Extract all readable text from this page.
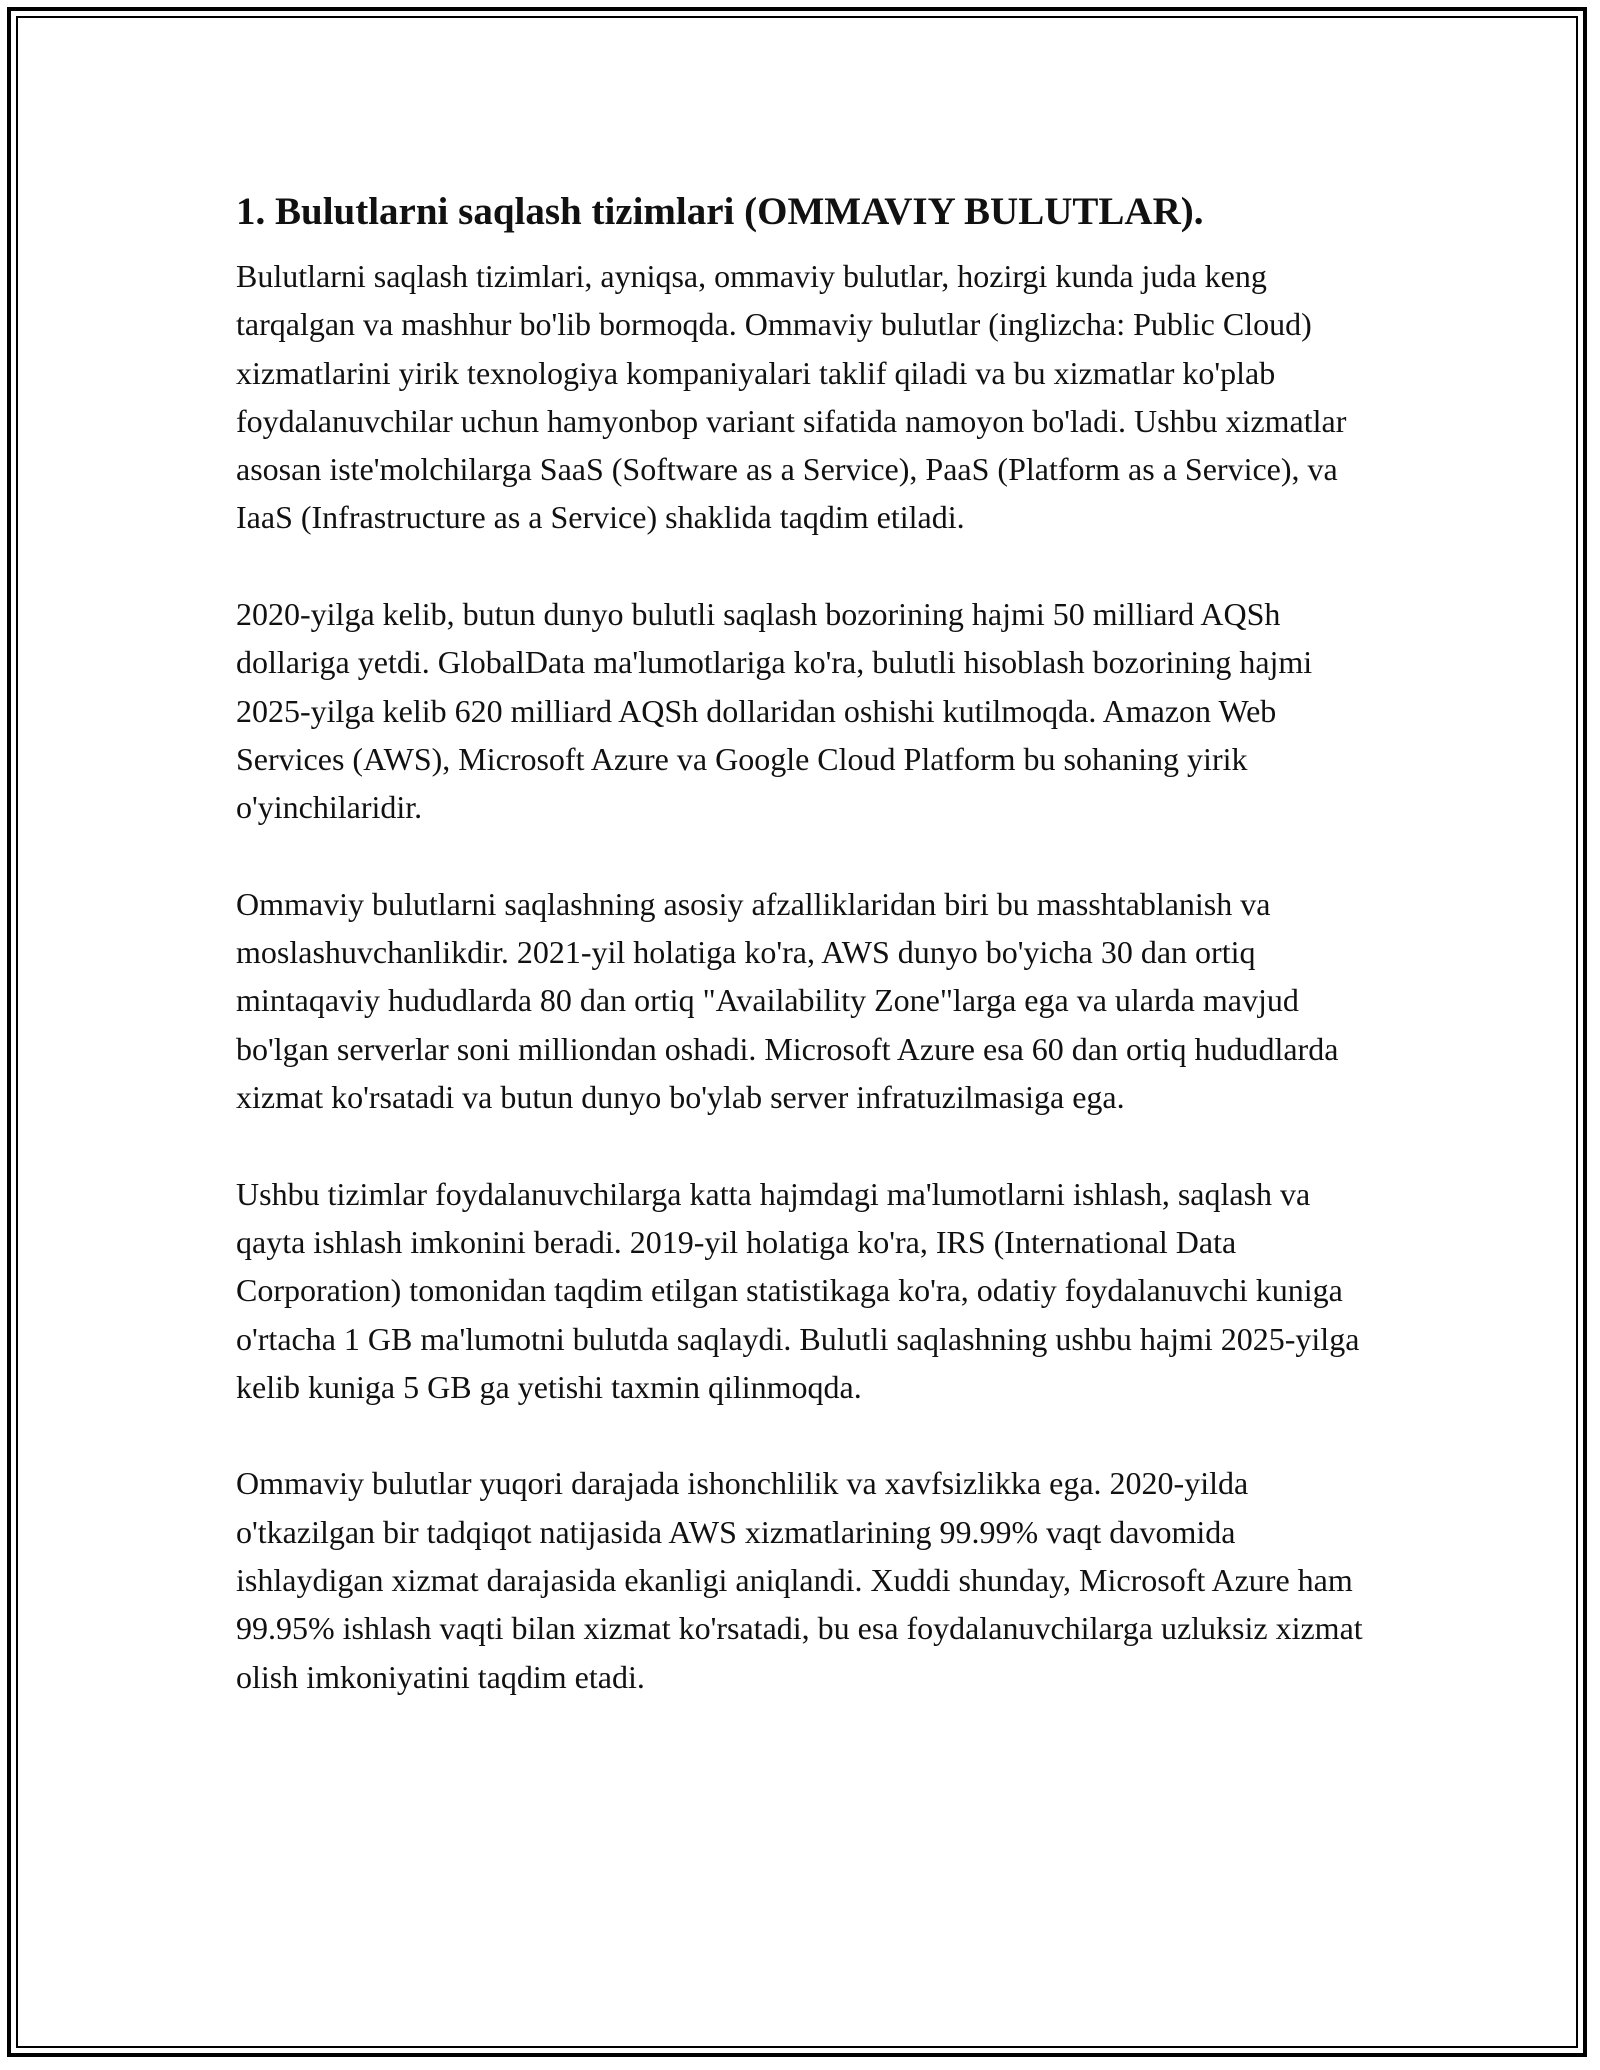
1. Bulutlarni saqlash tizimlari (OMMAVIY BULUTLAR).

Bulutlarni saqlash tizimlari, ayniqsa, ommaviy bulutlar, hozirgi kunda juda keng tarqalgan va mashhur bo'lib bormoqda. Ommaviy bulutlar (inglizcha: Public Cloud) xizmatlarini yirik texnologiya kompaniyalari taklif qiladi va bu xizmatlar ko'plab foydalanuvchilar uchun hamyonbop variant sifatida namoyon bo'ladi. Ushbu xizmatlar asosan iste'molchilarga SaaS (Software as a Service), PaaS (Platform as a Service), va IaaS (Infrastructure as a Service) shaklida taqdim etiladi.

2020-yilga kelib, butun dunyo bulutli saqlash bozorining hajmi 50 milliard AQSh dollariga yetdi. GlobalData ma'lumotlariga ko'ra, bulutli hisoblash bozorining hajmi 2025-yilga kelib 620 milliard AQSh dollaridan oshishi kutilmoqda. Amazon Web Services (AWS), Microsoft Azure va Google Cloud Platform bu sohaning yirik o'yinchilaridir.

Ommaviy bulutlarni saqlashning asosiy afzalliklaridan biri bu masshtablanish va moslashuvchanlikdir. 2021-yil holatiga ko'ra, AWS dunyo bo'yicha 30 dan ortiq mintaqaviy hududlarda 80 dan ortiq "Availability Zone"larga ega va ularda mavjud bo'lgan serverlar soni milliondan oshadi. Microsoft Azure esa 60 dan ortiq hududlarda xizmat ko'rsatadi va butun dunyo bo'ylab server infratuzilmasiga ega.

Ushbu tizimlar foydalanuvchilarga katta hajmdagi ma'lumotlarni ishlash, saqlash va qayta ishlash imkonini beradi. 2019-yil holatiga ko'ra, IRS (International Data Corporation) tomonidan taqdim etilgan statistikaga ko'ra, odatiy foydalanuvchi kuniga o'rtacha 1 GB ma'lumotni bulutda saqlaydi. Bulutli saqlashning ushbu hajmi 2025-yilga kelib kuniga 5 GB ga yetishi taxmin qilinmoqda.

Ommaviy bulutlar yuqori darajada ishonchlilik va xavfsizlikka ega. 2020-yilda o'tkazilgan bir tadqiqot natijasida AWS xizmatlarining 99.99% vaqt davomida ishlaydigan xizmat darajasida ekanligi aniqlandi. Xuddi shunday, Microsoft Azure ham 99.95% ishlash vaqti bilan xizmat ko'rsatadi, bu esa foydalanuvchilarga uzluksiz xizmat olish imkoniyatini taqdim etadi.
